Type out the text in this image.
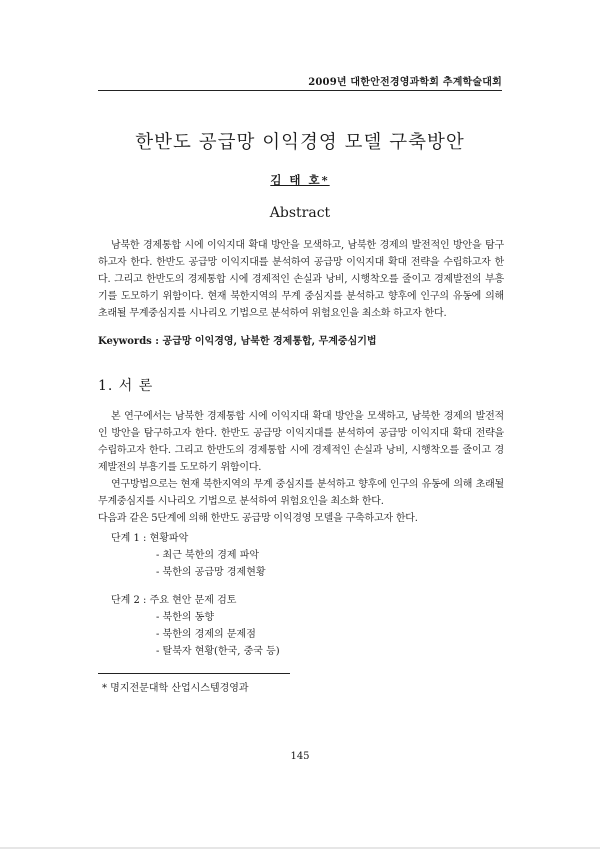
2009년 대한안전경영과학회 추계학술대회
한반도 공급망 이익경영 모델 구축방안
김 태 호*
Abstract
남북한 경제통합 시에 이익지대 확대 방안을 모색하고, 남북한 경제의 발전적인 방안을 탐구하고자 한다. 한반도 공급망 이익지대를 분석하여 공급망 이익지대 확대 전략을 수립하고자 한다. 그리고 한반도의 경제통합 시에 경제적인 손실과 낭비, 시행착오를 줄이고 경제발전의 부흥기를 도모하기 위함이다. 현재 북한지역의 무계 중심지를 분석하고 향후에 인구의 유동에 의해 초래될 무계중심지를 시나리오 기법으로 분석하여 위험요인을 최소화 하고자 한다.
Keywords : 공급망 이익경영, 남북한 경제통합, 무계중심기법
1. 서 론

본 연구에서는 남북한 경제통합 시에 이익지대 확대 방안을 모색하고, 남북한 경제의 발전적인 방안을 탐구하고자 한다. 한반도 공급망 이익지대를 분석하여 공급망 이익지대 확대 전략을 수립하고자 한다. 그리고 한반도의 경제통합 시에 경제적인 손실과 낭비, 시행착오를 줄이고 경제발전의 부흥기를 도모하기 위함이다.

연구방법으로는 현재 북한지역의 무계 중심지를 분석하고 향후에 인구의 유동에 의해 초래될 무계중심지를 시나리오 기법으로 분석하여 위험요인을 최소화 한다.

다음과 같은 5단계에 의해 한반도 공급망 이익경영 모델을 구축하고자 한다.

단계 1 : 현황파악
- 최근 북한의 경제 파악
- 북한의 공급망 경제현황
단계 2 : 주요 현안 문제 검토
- 북한의 동향
- 북한의 경제의 문제점
- 탈북자 현황(한국, 중국 등)
* 명지전문대학 산업시스템경영과
145
